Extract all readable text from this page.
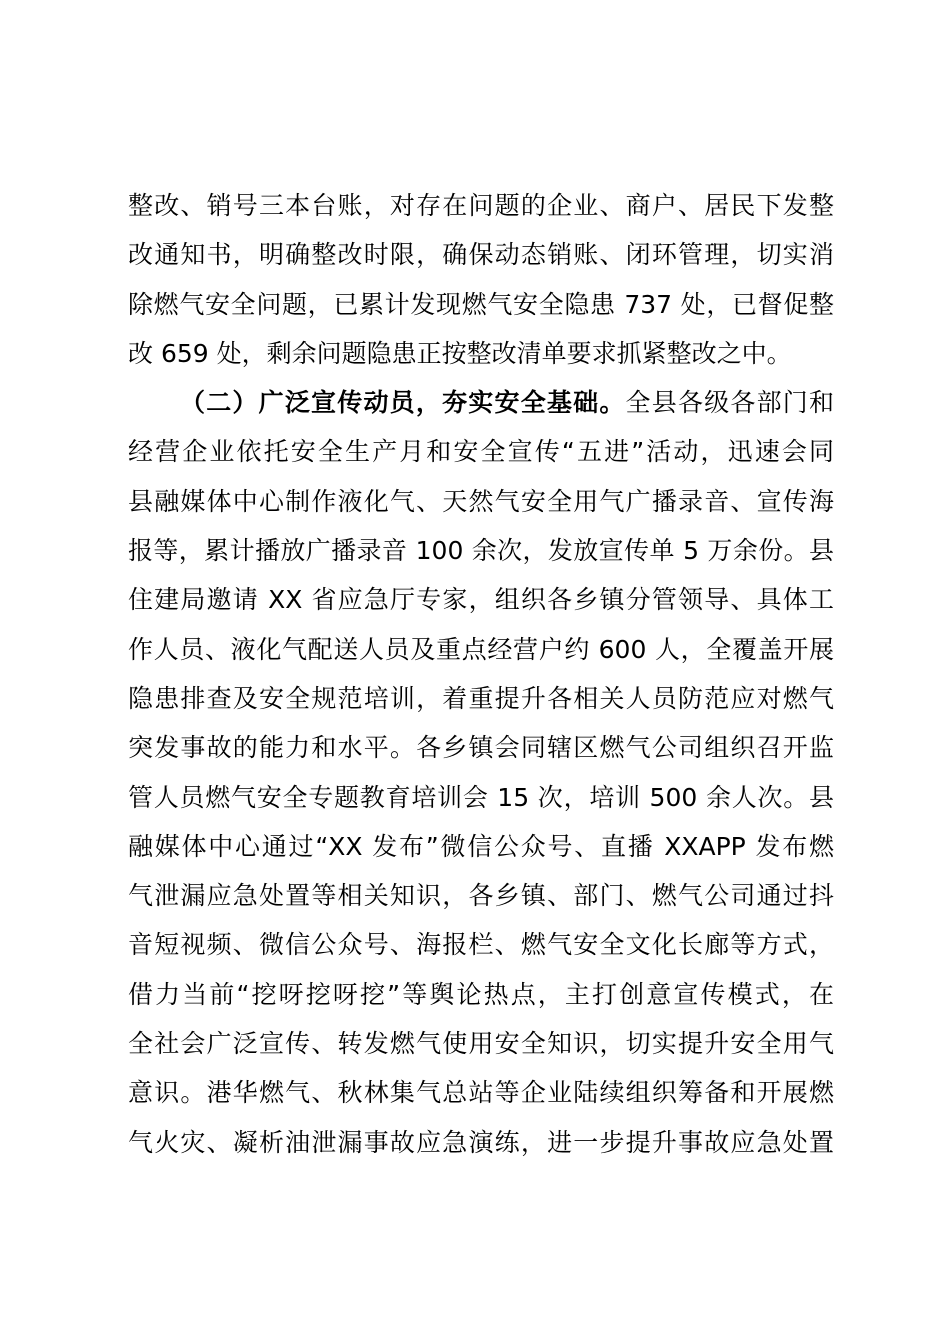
整改、销号三本台账，对存在问题的企业、商户、居民下发整
改通知书，明确整改时限，确保动态销账、闭环管理，切实消
除燃气安全问题，已累计发现燃气安全隐患 737 处，已督促整
改 659 处，剩余问题隐患正按整改清单要求抓紧整改之中。
（二）广泛宣传动员，夯实安全基础。全县各级各部门和
经营企业依托安全生产月和安全宣传“五进”活动，迅速会同
县融媒体中心制作液化气、天然气安全用气广播录音、宣传海
报等，累计播放广播录音 100 余次，发放宣传单 5 万余份。县
住建局邀请 XX 省应急厅专家，组织各乡镇分管领导、具体工
作人员、液化气配送人员及重点经营户约 600 人，全覆盖开展
隐患排查及安全规范培训，着重提升各相关人员防范应对燃气
突发事故的能力和水平。各乡镇会同辖区燃气公司组织召开监
管人员燃气安全专题教育培训会 15 次，培训 500 余人次。县
融媒体中心通过“XX 发布”微信公众号、直播 XXAPP 发布燃
气泄漏应急处置等相关知识，各乡镇、部门、燃气公司通过抖
音短视频、微信公众号、海报栏、燃气安全文化长廊等方式，
借力当前“挖呀挖呀挖”等舆论热点，主打创意宣传模式，在
全社会广泛宣传、转发燃气使用安全知识，切实提升安全用气
意识。港华燃气、秋林集气总站等企业陆续组织筹备和开展燃
气火灾、凝析油泄漏事故应急演练，进一步提升事故应急处置
